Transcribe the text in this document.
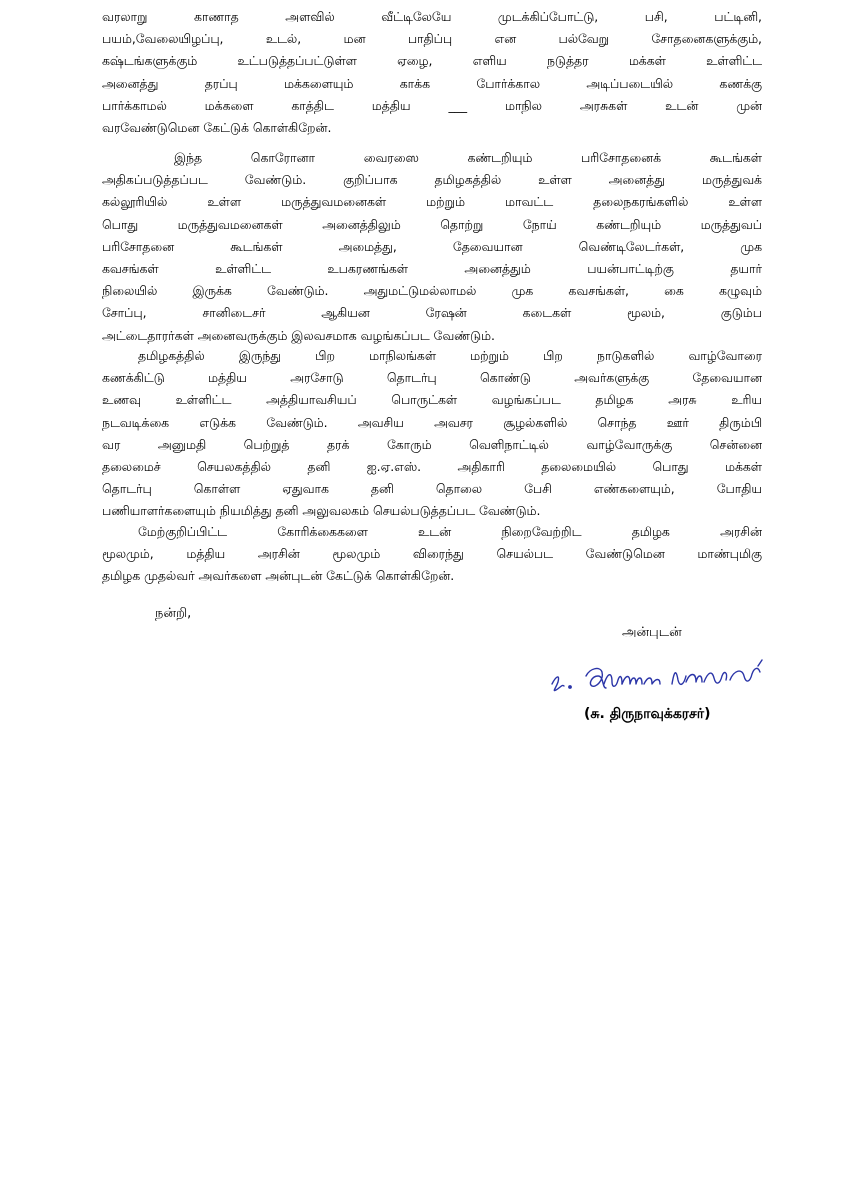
வரலாறு காணாத அளவில் வீட்டிலேயே முடக்கிப்போட்டு, பசி, பட்டினி,
பயம்,வேலையிழப்பு, உடல், மன பாதிப்பு என பல்வேறு சோதனைகளுக்கும்,
கஷ்டங்களுக்கும் உட்படுத்தப்பட்டுள்ள ஏழை, எளிய நடுத்தர மக்கள் உள்ளிட்ட
அனைத்து தரப்பு மக்களையும் காக்க போர்க்கால அடிப்படையில் கணக்கு
பார்க்காமல் மக்களை காத்திட மத்திய ___ மாநில அரசுகள் உடன் முன்
வரவேண்டுமென கேட்டுக் கொள்கிறேன்.
இந்த கொரோனா வைரஸை கண்டறியும் பரிசோதனைக் கூடங்கள்
அதிகப்படுத்தப்பட வேண்டும். குறிப்பாக தமிழகத்தில் உள்ள அனைத்து மருத்துவக்
கல்லூரியில் உள்ள மருத்துவமனைகள் மற்றும் மாவட்ட தலைநகரங்களில் உள்ள
பொது மருத்துவமனைகள் அனைத்திலும் தொற்று நோய் கண்டறியும் மருத்துவப்
பரிசோதனை கூடங்கள் அமைத்து, தேவையான வெண்டிலேடர்கள், முக
கவசங்கள் உள்ளிட்ட உபகரணங்கள் அனைத்தும் பயன்பாட்டிற்கு தயார்
நிலையில் இருக்க வேண்டும். அதுமட்டுமல்லாமல் முக கவசங்கள், கை கழுவும்
சோப்பு, சானிடைசர் ஆகியன ரேஷன் கடைகள் மூலம், குடும்ப
அட்டைதாரர்கள் அனைவருக்கும் இலவசமாக வழங்கப்பட வேண்டும்.
தமிழகத்தில் இருந்து பிற மாநிலங்கள் மற்றும் பிற நாடுகளில் வாழ்வோரை
கணக்கிட்டு மத்திய அரசோடு தொடர்பு கொண்டு அவர்களுக்கு தேவையான
உணவு உள்ளிட்ட அத்தியாவசியப் பொருட்கள் வழங்கப்பட தமிழக அரசு உரிய
நடவடிக்கை எடுக்க வேண்டும். அவசிய அவசர சூழல்களில் சொந்த ஊர் திரும்பி
வர அனுமதி பெற்றுத் தரக் கோரும் வெளிநாட்டில் வாழ்வோருக்கு சென்னை
தலைமைச் செயலகத்தில் தனி ஐ.ஏ.எஸ். அதிகாரி தலைமையில் பொது மக்கள்
தொடர்பு கொள்ள ஏதுவாக தனி தொலை பேசி எண்களையும், போதிய
பணியாளர்களையும் நியமித்து தனி அலுவலகம் செயல்படுத்தப்பட வேண்டும்.
மேற்குறிப்பிட்ட கோரிக்கைகளை உடன் நிறைவேற்றிட தமிழக அரசின்
மூலமும், மத்திய அரசின் மூலமும் விரைந்து செயல்பட வேண்டுமென மாண்புமிகு
தமிழக முதல்வர் அவர்களை அன்புடன் கேட்டுக் கொள்கிறேன்.
நன்றி,
அன்புடன்
(சு. திருநாவுக்கரசர்)
